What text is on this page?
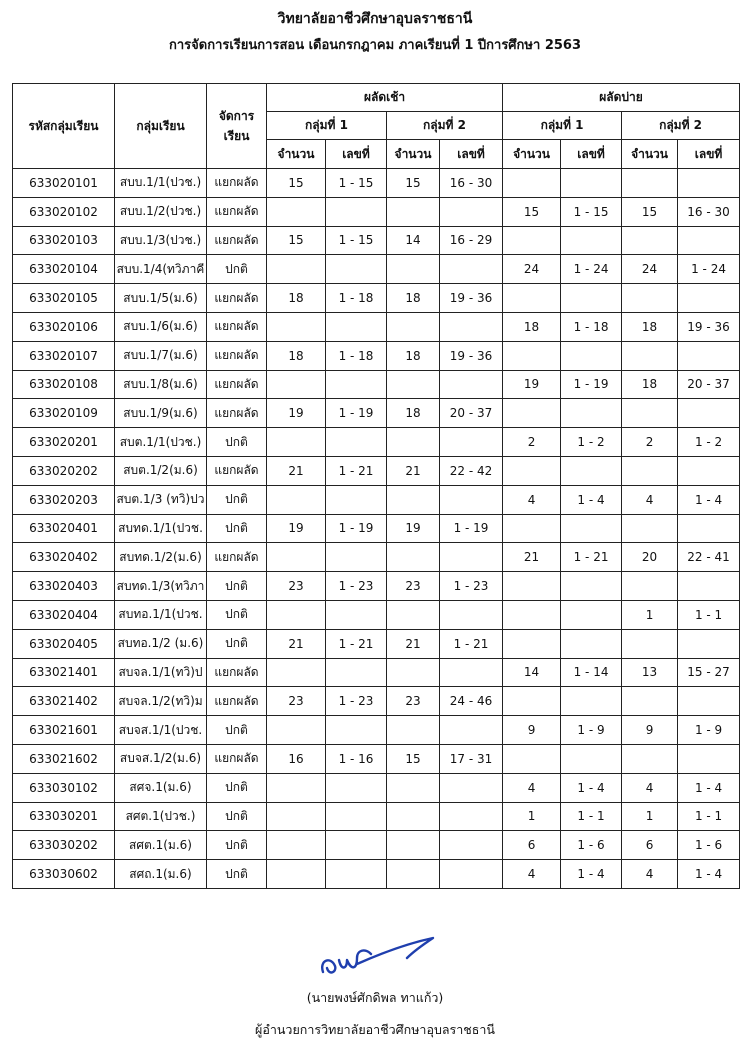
วิทยาลัยอาชีวศึกษาอุบลราชธานี
การจัดการเรียนการสอน เดือนกรกฎาคม ภาคเรียนที่ 1 ปีการศึกษา 2563
รหัสกลุ่มเรียน	กลุ่มเรียน	จัดการเรียน	ผลัดเช้า				ผลัดบ่าย			
			กลุ่มที่ 1		กลุ่มที่ 2		กลุ่มที่ 1		กลุ่มที่ 2	
			จำนวน	เลขที่	จำนวน	เลขที่	จำนวน	เลขที่	จำนวน	เลขที่
633020101	สบบ.1/1(ปวช.)	แยกผลัด	15	1 - 15	15	16 - 30				
633020102	สบบ.1/2(ปวช.)	แยกผลัด					15	1 - 15	15	16 - 30
633020103	สบบ.1/3(ปวช.)	แยกผลัด	15	1 - 15	14	16 - 29				
633020104	สบบ.1/4(ทวิภาคี	ปกติ					24	1 - 24	24	1 - 24
633020105	สบบ.1/5(ม.6)	แยกผลัด	18	1 - 18	18	19 - 36				
633020106	สบบ.1/6(ม.6)	แยกผลัด					18	1 - 18	18	19 - 36
633020107	สบบ.1/7(ม.6)	แยกผลัด	18	1 - 18	18	19 - 36				
633020108	สบบ.1/8(ม.6)	แยกผลัด					19	1 - 19	18	20 - 37
633020109	สบบ.1/9(ม.6)	แยกผลัด	19	1 - 19	18	20 - 37				
633020201	สบต.1/1(ปวช.)	ปกติ					2	1 - 2	2	1 - 2
633020202	สบต.1/2(ม.6)	แยกผลัด	21	1 - 21	21	22 - 42				
633020203	สบต.1/3 (ทวิ)ปว	ปกติ					4	1 - 4	4	1 - 4
633020401	สบทด.1/1(ปวช.	ปกติ	19	1 - 19	19	1 - 19				
633020402	สบทด.1/2(ม.6)	แยกผลัด					21	1 - 21	20	22 - 41
633020403	สบทด.1/3(ทวิภา	ปกติ	23	1 - 23	23	1 - 23				
633020404	สบทอ.1/1(ปวช.	ปกติ							1	1 - 1
633020405	สบทอ.1/2 (ม.6)	ปกติ	21	1 - 21	21	1 - 21				
633021401	สบจล.1/1(ทวิ)ป	แยกผลัด					14	1 - 14	13	15 - 27
633021402	สบจล.1/2(ทวิ)ม	แยกผลัด	23	1 - 23	23	24 - 46				
633021601	สบจส.1/1(ปวช.	ปกติ					9	1 - 9	9	1 - 9
633021602	สบจส.1/2(ม.6)	แยกผลัด	16	1 - 16	15	17 - 31				
633030102	สศจ.1(ม.6)	ปกติ					4	1 - 4	4	1 - 4
633030201	สศต.1(ปวช.)	ปกติ					1	1 - 1	1	1 - 1
633030202	สศต.1(ม.6)	ปกติ					6	1 - 6	6	1 - 6
633030602	สศถ.1(ม.6)	ปกติ					4	1 - 4	4	1 - 4
(นายพงษ์ศักดิพล ทาแก้ว)
ผู้อำนวยการวิทยาลัยอาชีวศึกษาอุบลราชธานี
